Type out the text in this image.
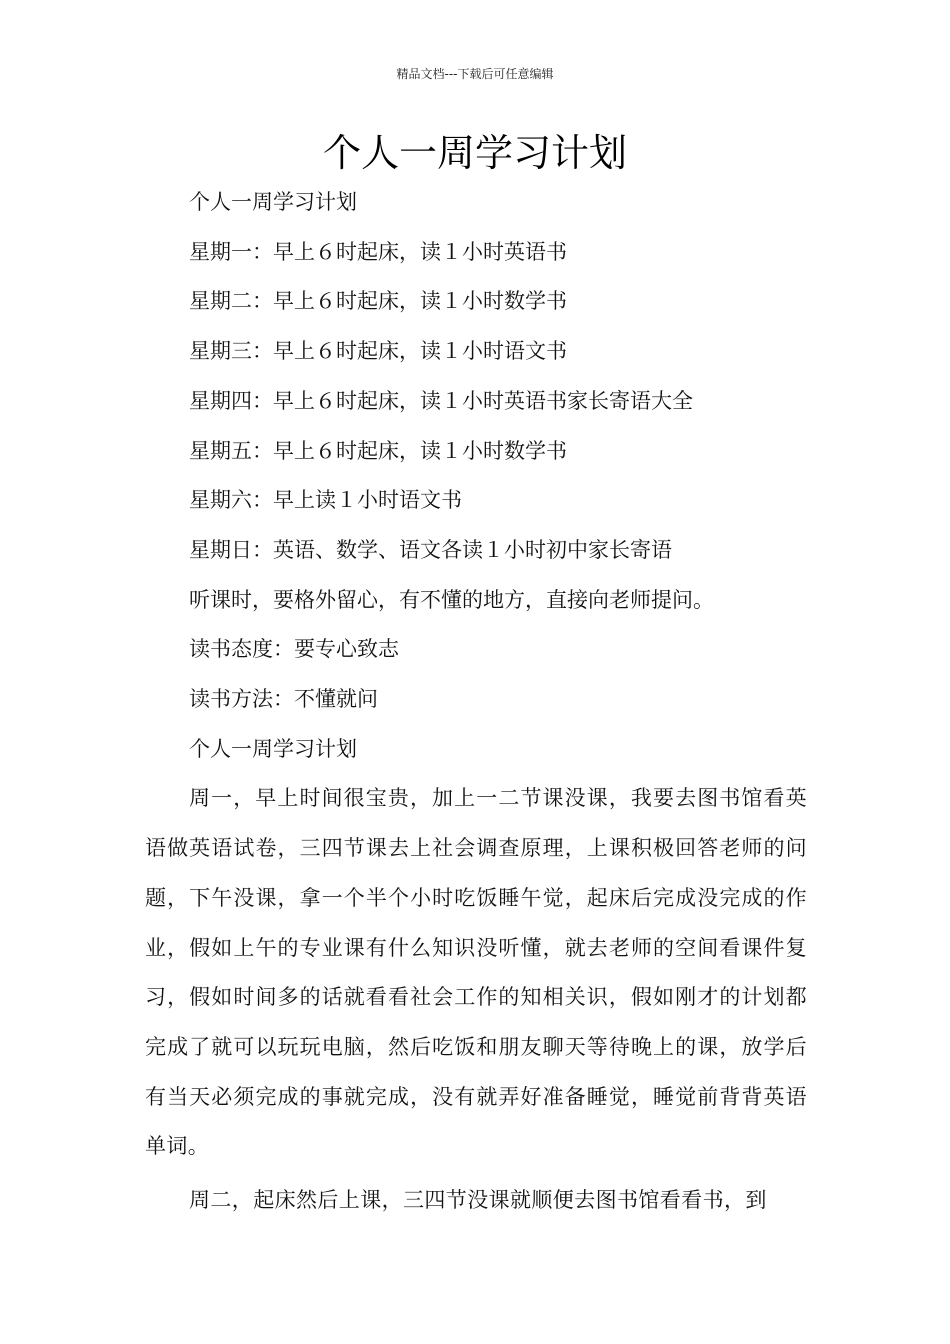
精品文档---下载后可任意编辑
个人一周学习计划

个人一周学习计划

星期一：早上６时起床，读１小时英语书

星期二：早上６时起床，读１小时数学书

星期三：早上６时起床，读１小时语文书

星期四：早上６时起床，读１小时英语书家长寄语大全

星期五：早上６时起床，读１小时数学书

星期六：早上读１小时语文书

星期日：英语、数学、语文各读１小时初中家长寄语

听课时，要格外留心，有不懂的地方，直接向老师提问。

读书态度：要专心致志

读书方法：不懂就问

个人一周学习计划

周一，早上时间很宝贵，加上一二节课没课，我要去图书馆看英语做英语试卷，三四节课去上社会调查原理，上课积极回答老师的问题，下午没课，拿一个半个小时吃饭睡午觉，起床后完成没完成的作业，假如上午的专业课有什么知识没听懂，就去老师的空间看课件复习，假如时间多的话就看看社会工作的知相关识，假如刚才的计划都完成了就可以玩玩电脑，然后吃饭和朋友聊天等待晚上的课，放学后有当天必须完成的事就完成，没有就弄好准备睡觉，睡觉前背背英语单词。

周二，起床然后上课，三四节没课就顺便去图书馆看看书，到
